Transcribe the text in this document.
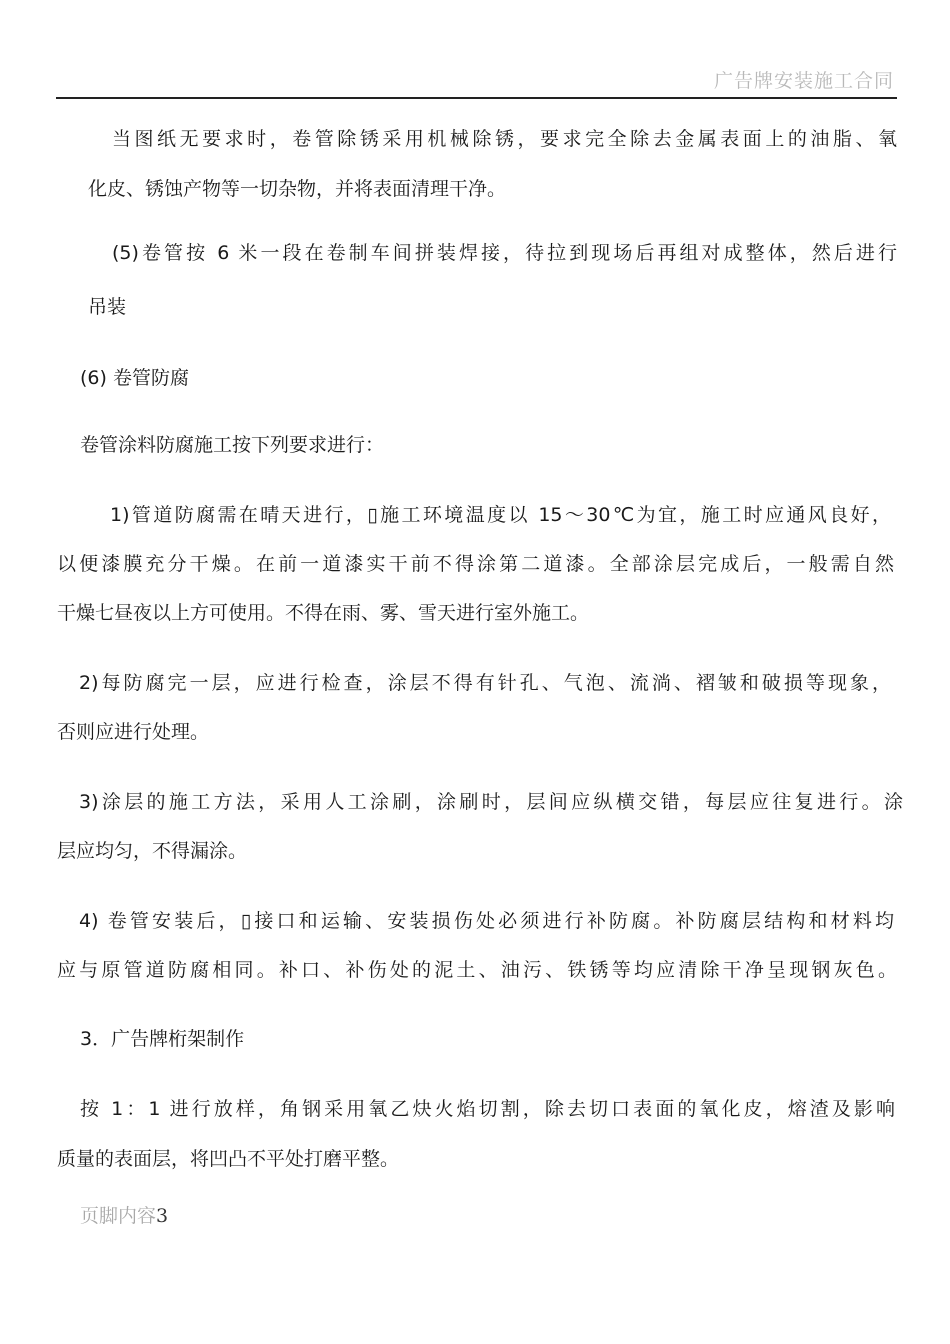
广告牌安装施工合同

当图纸无要求时，卷管除锈采用机械除锈，要求完全除去金属表面上的油脂、氧

化皮、锈蚀产物等一切杂物，并将表面清理干净。

(5)卷管按 6 米一段在卷制车间拼装焊接，待拉到现场后再组对成整体，然后进行

吊装

(6) 卷管防腐

卷管涂料防腐施工按下列要求进行：

1)管道防腐需在晴天进行，▯施工环境温度以 15～30℃为宜，施工时应通风良好，

以便漆膜充分干燥。在前一道漆实干前不得涂第二道漆。全部涂层完成后，一般需自然

干燥七昼夜以上方可使用。不得在雨、雾、雪天进行室外施工。

2)每防腐完一层，应进行检查，涂层不得有针孔、气泡、流淌、褶皱和破损等现象，

否则应进行处理。

3)涂层的施工方法，采用人工涂刷，涂刷时，层间应纵横交错，每层应往复进行。涂

层应均匀，不得漏涂。

4) 卷管安装后，▯接口和运输、安装损伤处必须进行补防腐。补防腐层结构和材料均

应与原管道防腐相同。补口、补伤处的泥土、油污、铁锈等均应清除干净呈现钢灰色。

3．广告牌桁架制作

按 1：1 进行放样，角钢采用氧乙炔火焰切割，除去切口表面的氧化皮，熔渣及影响

质量的表面层，将凹凸不平处打磨平整。

页脚内容3
